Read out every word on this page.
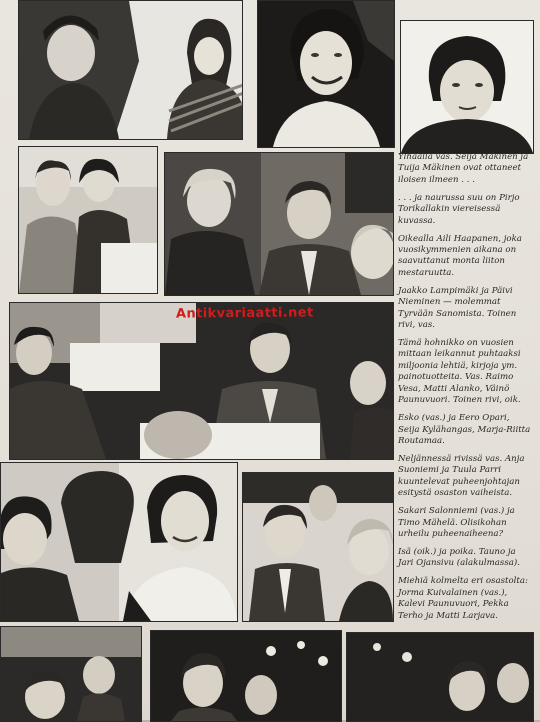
Ylhäällä vas. Seija Mäkinen ja Tuija Mäkinen ovat ottaneet iloisen ilmeen . . .

. . . ja naurussa suu on Pirjo Torikallakin viereisessä kuvassa.

Oikealla Aili Haapanen, joka vuosikymmenien aikana on saavuttanut monta liiton mestaruutta.

Jaakko Lampimäki ja Päivi Nieminen — molemmat Tyrvään Sanomista. Toinen rivi, vas.

Tämä hohnikko on vuosien mittaan leikannut puhtaaksi miljoonia lehtiä, kirjoja ym. painotuotteita. Vas. Raimo Vesa, Matti Alanko, Väinö Paunuvuori. Toinen rivi, oik.

Esko (vas.) ja Eero Opari, Seija Kylähangas, Marja-Riitta Routamaa.

Neljännessä rivissä vas. Anja Suoniemi ja Tuula Parri kuuntelevat puheenjohtajan esitystä osaston vaiheista.

Sakari Salonniemi (vas.) ja Timo Mähelä. Olisikohan urheilu puheenaiheena?

Isä (oik.) ja poika. Tauno ja Jari Ojansivu (alakulmassa).

Miehiä kolmelta eri osastolta: Jorma Kuivalainen (vas.), Kalevi Paunuvuori, Pekka Terho ja Matti Larjava.

Antikvariaatti.net
